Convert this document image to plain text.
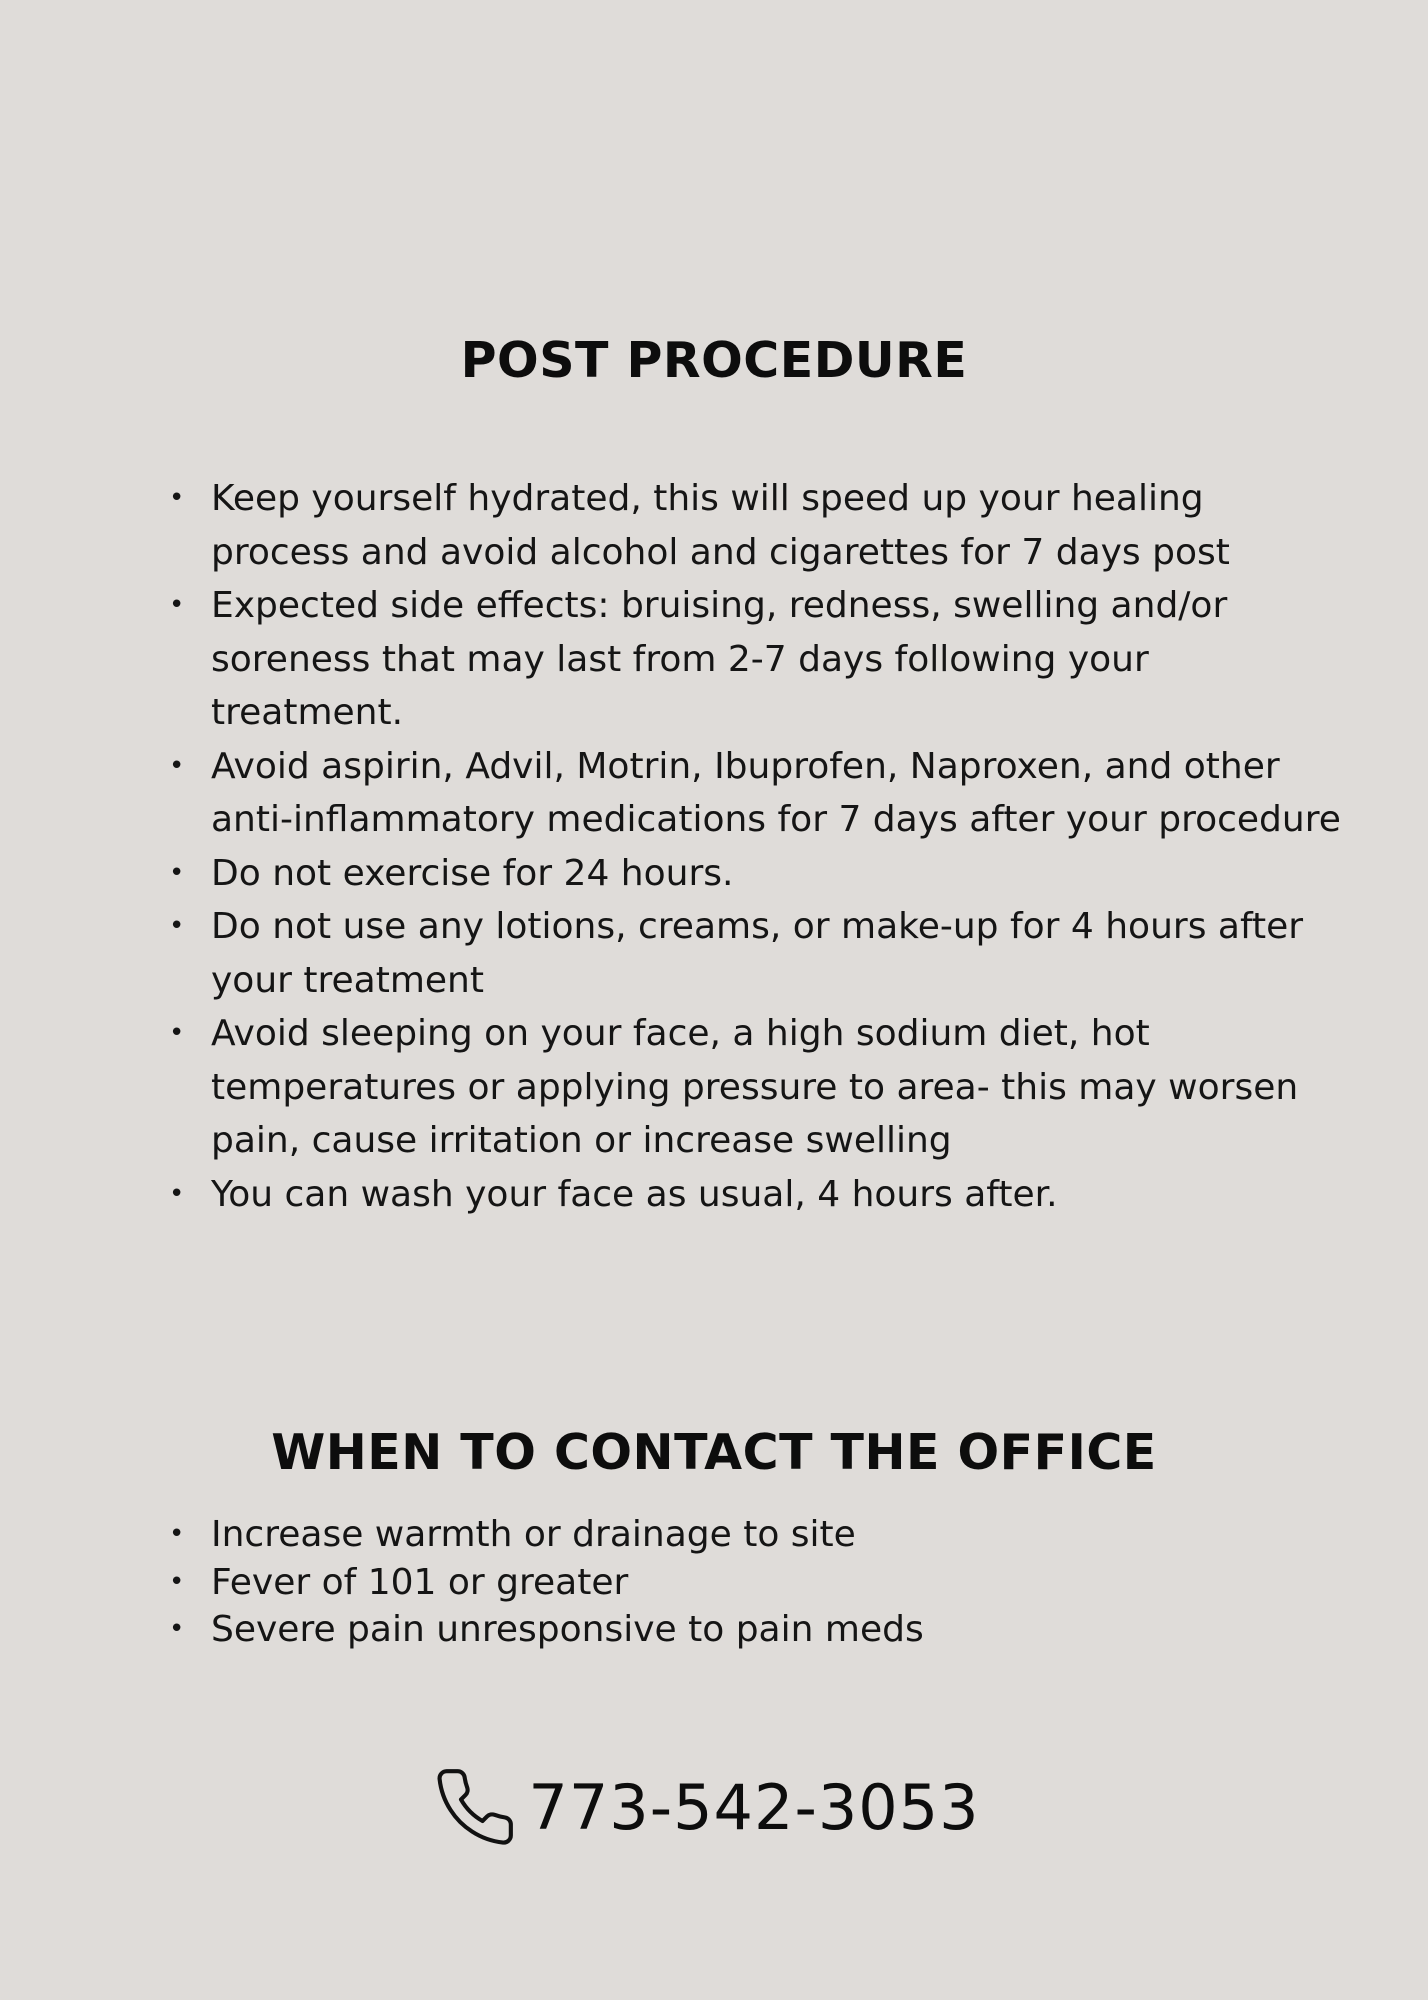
POST PROCEDURE
• Keep yourself hydrated, this will speed up your healing process and avoid alcohol and cigarettes for 7 days post
• Expected side effects: bruising, redness, swelling and/or soreness that may last from 2-7 days following your treatment.
• Avoid aspirin, Advil, Motrin, Ibuprofen, Naproxen, and other anti-inflammatory medications for 7 days after your procedure
• Do not exercise for 24 hours.
• Do not use any lotions, creams, or make-up for 4 hours after your treatment
• Avoid sleeping on your face, a high sodium diet, hot temperatures or applying pressure to area- this may worsen pain, cause irritation or increase swelling
• You can wash your face as usual, 4 hours after.
WHEN TO CONTACT THE OFFICE
• Increase warmth or drainage to site
• Fever of 101 or greater
• Severe pain unresponsive to pain meds
773-542-3053
